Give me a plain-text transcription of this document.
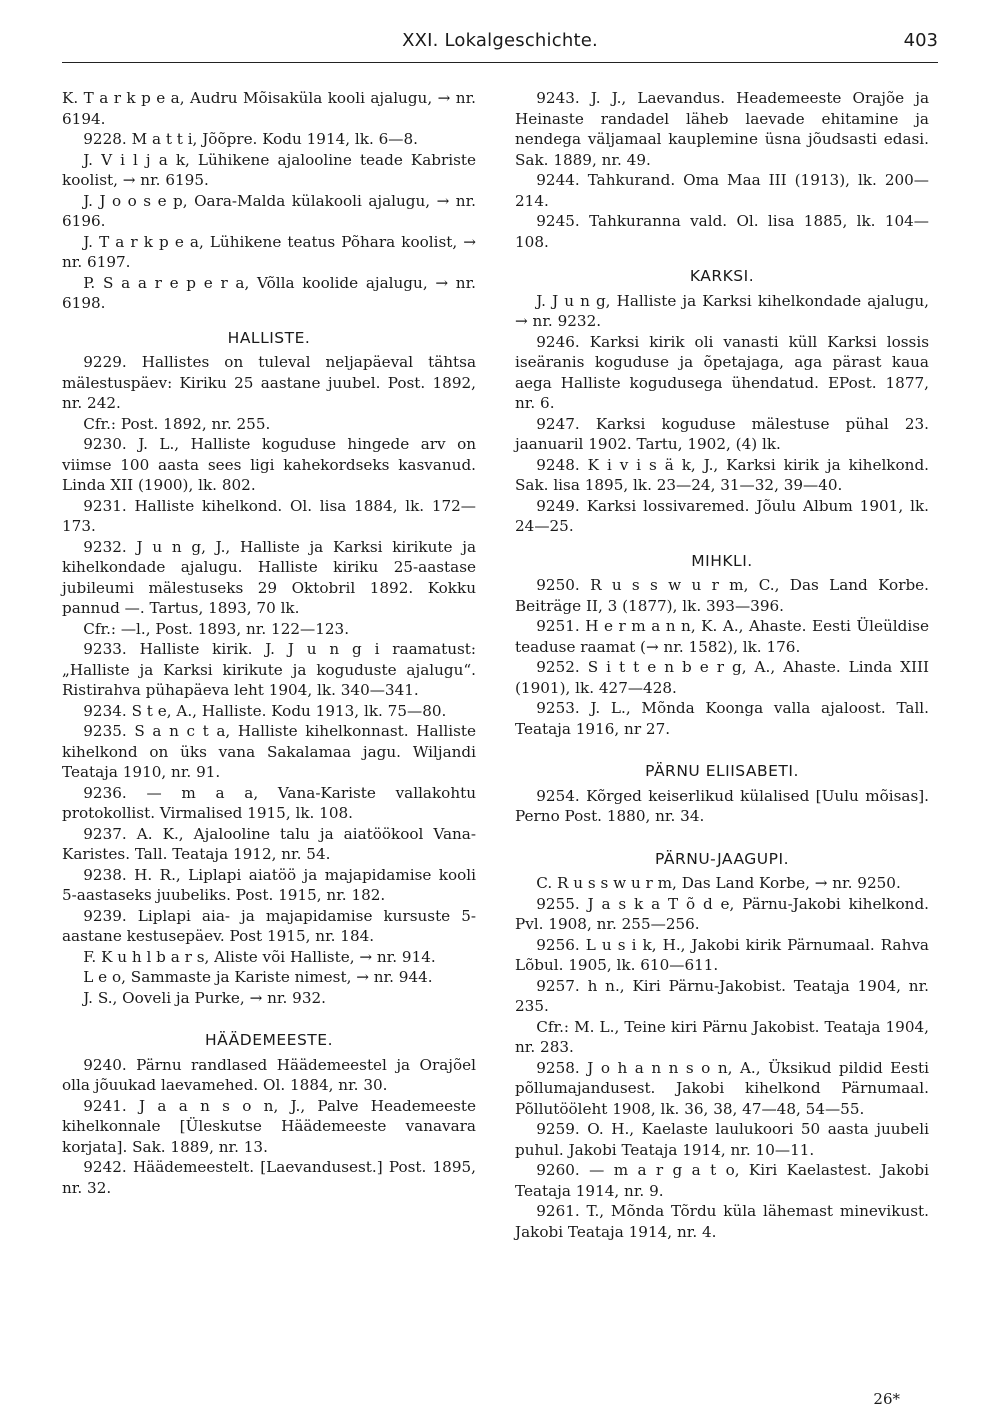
XXI. Lokalgeschichte.	403

K. T a r k p e a, Audru Mõisaküla kooli ajalugu, → nr. 6194.

9228. M a t t i, Jõõpre. Kodu 1914, lk. 6—8.

J. V i l j a k, Lühikene ajalooline teade Kabriste koolist, → nr. 6195.

J. J o o s e p, Oara-Malda külakooli ajalugu, → nr. 6196.

J. T a r k p e a, Lühikene teatus Põhara koolist, → nr. 6197.

P. S a a r e p e r a, Võlla koolide ajalugu, → nr. 6198.

HALLISTE.

9229. Hallistes on tuleval neljapäeval tähtsa mälestuspäev: Kiriku 25 aastane juubel. Post. 1892, nr. 242.

Cfr.: Post. 1892, nr. 255.

9230. J. L., Halliste koguduse hingede arv on viimse 100 aasta sees ligi kahekordseks kasvanud. Linda XII (1900), lk. 802.

9231. Halliste kihelkond. Ol. lisa 1884, lk. 172—173.

9232. J u n g, J., Halliste ja Karksi kirikute ja kihelkondade ajalugu. Halliste kiriku 25-aastase jubileumi mälestuseks 29 Oktobril 1892. Kokku pannud —. Tartus, 1893, 70 lk.

Cfr.: —l., Post. 1893, nr. 122—123.

9233. Halliste kirik. J. J u n g i raamatust: „Halliste ja Karksi kirikute ja koguduste ajalugu“. Ristirahva pühapäeva leht 1904, lk. 340—341.

9234. S t e, A., Halliste. Kodu 1913, lk. 75—80.

9235. S a n c t a, Halliste kihelkonnast. Halliste kihelkond on üks vana Sakalamaa jagu. Wiljandi Teataja 1910, nr. 91.

9236. — m a a, Vana-Kariste vallakohtu protokollist. Virmalised 1915, lk. 108.

9237. A. K., Ajalooline talu ja aiatöökool Vana-Karistes. Tall. Teataja 1912, nr. 54.

9238. H. R., Liplapi aiatöö ja majapidamise kooli 5-aastaseks juubeliks. Post. 1915, nr. 182.

9239. Liplapi aia- ja majapidamise kursuste 5-aastane kestusepäev. Post 1915, nr. 184.

F. K u h l b a r s, Aliste või Halliste, → nr. 914.

L e o, Sammaste ja Kariste nimest, → nr. 944.

J. S., Ooveli ja Purke, → nr. 932.

HÄÄDEMEESTE.

9240. Pärnu randlased Häädemeestel ja Orajõel olla jõuukad laevamehed. Ol. 1884, nr. 30.

9241. J a a n s o n, J., Palve Heademeeste kihelkonnale [Üleskutse Häädemeeste vanavara korjata]. Sak. 1889, nr. 13.

9242. Häädemeestelt. [Laevandusest.] Post. 1895, nr. 32.

9243. J. J., Laevandus. Heademeeste Orajõe ja Heinaste randadel läheb laevade ehitamine ja nendega väljamaal kauplemine üsna jõudsasti edasi. Sak. 1889, nr. 49.

9244. Tahkurand. Oma Maa III (1913), lk. 200—214.

9245. Tahkuranna vald. Ol. lisa 1885, lk. 104—108.

KARKSI.

J. J u n g, Halliste ja Karksi kihelkondade ajalugu, → nr. 9232.

9246. Karksi kirik oli vanasti küll Karksi lossis iseäranis koguduse ja õpetajaga, aga pärast kaua aega Halliste kogudusega ühendatud. EPost. 1877, nr. 6.

9247. Karksi koguduse mälestuse pühal 23. jaanuaril 1902. Tartu, 1902, (4) lk.

9248. K i v i s ä k, J., Karksi kirik ja kihelkond. Sak. lisa 1895, lk. 23—24, 31—32, 39—40.

9249. Karksi lossivaremed. Jõulu Album 1901, lk. 24—25.

MIHKLI.

9250. R u s s w u r m, C., Das Land Korbe. Beiträge II, 3 (1877), lk. 393—396.

9251. H e r m a n n, K. A., Ahaste. Eesti Üleüldise teaduse raamat (→ nr. 1582), lk. 176.

9252. S i t t e n b e r g, A., Ahaste. Linda XIII (1901), lk. 427—428.

9253. J. L., Mõnda Koonga valla ajaloost. Tall. Teataja 1916, nr 27.

PÄRNU ELIISABETI.

9254. Kõrged keiserlikud külalised [Uulu mõisas]. Perno Post. 1880, nr. 34.

PÄRNU-JAAGUPI.

C. R u s s w u r m, Das Land Korbe, → nr. 9250.

9255. J a s k a T õ d e, Pärnu-Jakobi kihelkond. Pvl. 1908, nr. 255—256.

9256. L u s i k, H., Jakobi kirik Pärnumaal. Rahva Lõbul. 1905, lk. 610—611.

9257. h n., Kiri Pärnu-Jakobist. Teataja 1904, nr. 235.

Cfr.: M. L., Teine kiri Pärnu Jakobist. Teataja 1904, nr. 283.

9258. J o h a n n s o n, A., Üksikud pildid Eesti põllumajandusest. Jakobi kihelkond Pärnumaal. Põllutööleht 1908, lk. 36, 38, 47—48, 54—55.

9259. O. H., Kaelaste laulukoori 50 aasta juubeli puhul. Jakobi Teataja 1914, nr. 10—11.

9260. — m a r g a t o, Kiri Kaelastest. Jakobi Teataja 1914, nr. 9.

9261. T., Mõnda Tõrdu küla lähemast minevikust. Jakobi Teataja 1914, nr. 4.

26*
